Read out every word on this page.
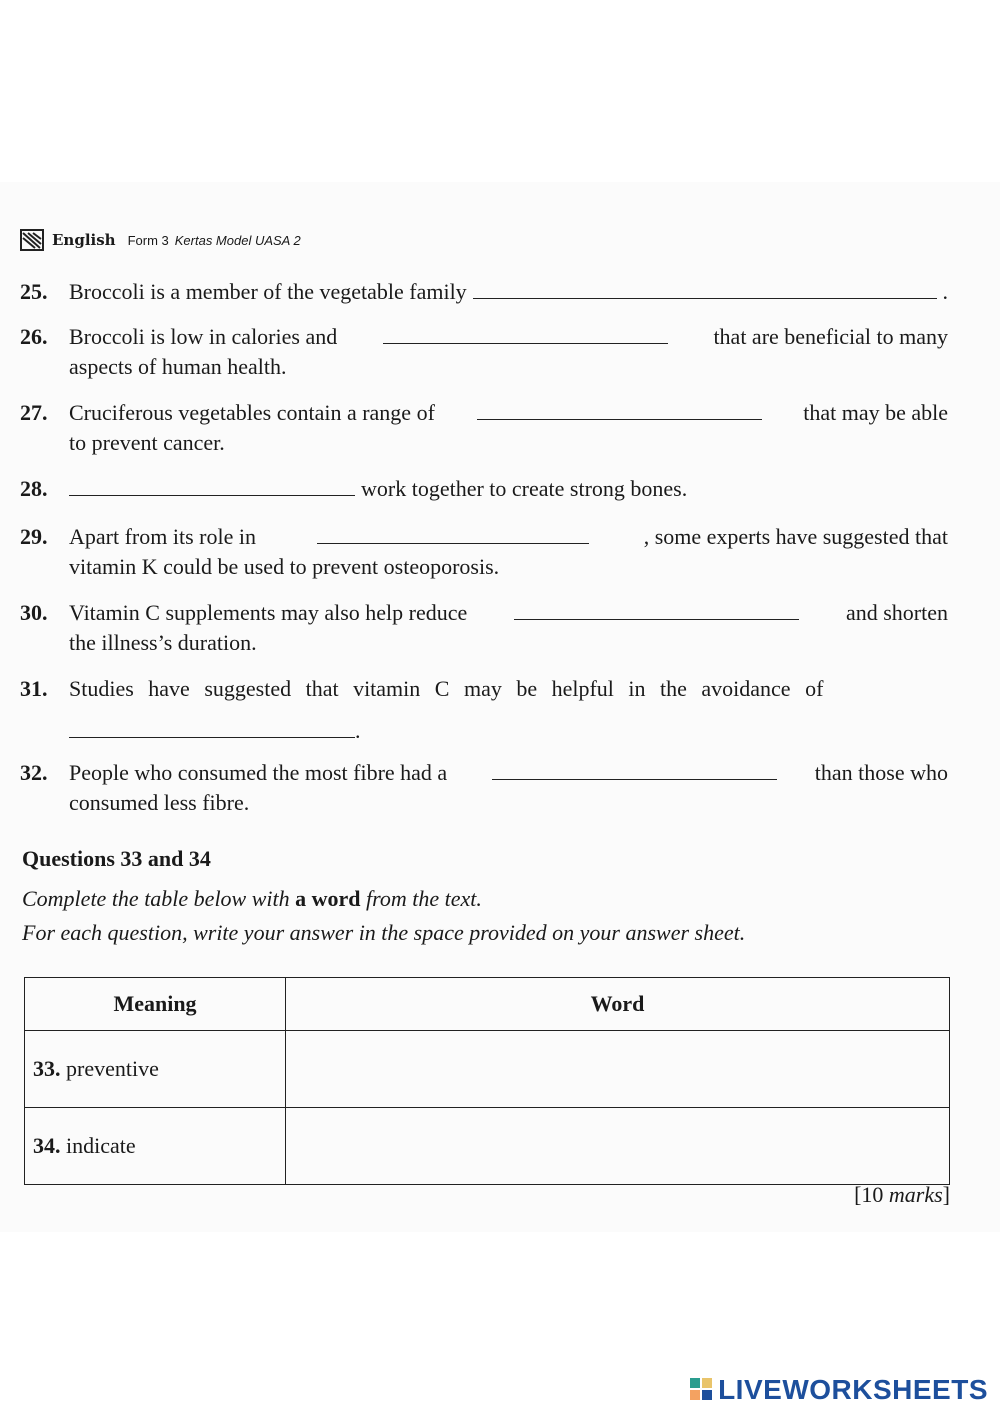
English Form 3 Kertas Model UASA 2
25. Broccoli is a member of the vegetable family	.
26. Broccoli is low in calories and	that are beneficial to many
aspects of human health.
27. Cruciferous vegetables contain a range of	that may be able
to prevent cancer.
28.	work together to create strong bones.
29. Apart from its role in	, some experts have suggested that
vitamin K could be used to prevent osteoporosis.
30. Vitamin C supplements may also help reduce	and shorten
the illness’s duration.
31. Studies have suggested that vitamin C may be helpful in the avoidance of
.
32. People who consumed the most fibre had a	than those who
consumed less fibre.
Questions 33 and 34
Complete the table below with a word from the text.
For each question, write your answer in the space provided on your answer sheet.
Meaning	Word
33. preventive	
34. indicate	
[10 marks]
LIVEWORKSHEETS
